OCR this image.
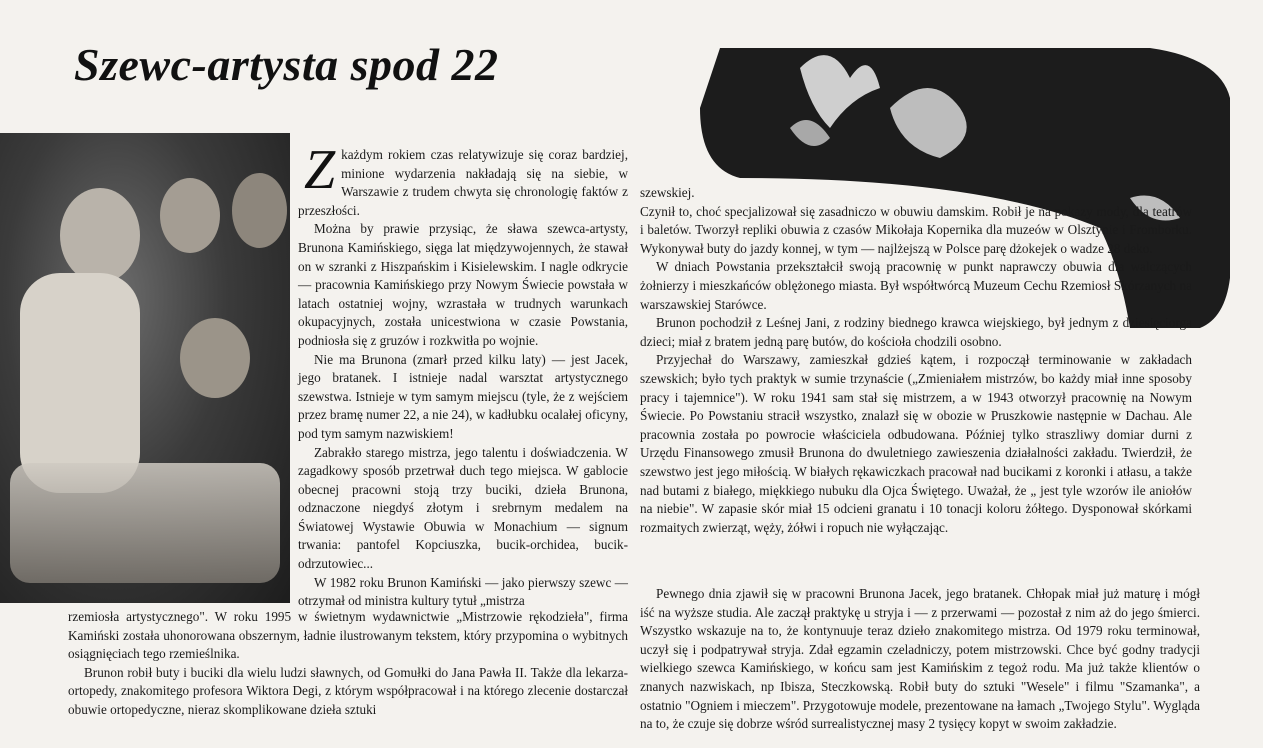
Szewc-artysta spod 22

Zkażdym rokiem czas relatywizuje się coraz bardziej, minione wydarzenia nakładają się na siebie, w Warszawie z trudem chwyta się chronologię faktów z przeszłości.

Można by prawie przysiąc, że sława szewca-artysty, Brunona Kamińskiego, sięga lat międzywojennych, że stawał on w szranki z Hiszpańskim i Kisielewskim. I nagle odkrycie — pracownia Kamińskiego przy Nowym Świecie powstała w latach ostatniej wojny, wzrastała w trudnych warunkach okupacyjnych, została unicestwiona w czasie Powstania, podniosła się z gruzów i rozkwitła po wojnie.

Nie ma Brunona (zmarł przed kilku laty) — jest Jacek, jego bratanek. I istnieje nadal warsztat artystycznego szewstwa. Istnieje w tym samym miejscu (tyle, że z wejściem przez bramę numer 22, a nie 24), w kadłubku ocalałej oficyny, pod tym samym nazwiskiem!

Zabrakło starego mistrza, jego talentu i doświadczenia. W zagadkowy sposób przetrwał duch tego miejsca. W gablocie obecnej pracowni stoją trzy buciki, dzieła Brunona, odznaczone niegdyś złotym i srebrnym medalem na Światowej Wystawie Obuwia w Monachium — signum trwania: pantofel Kopciuszka, bucik-orchidea, bucik-odrzutowiec...

W 1982 roku Brunon Kamiński — jako pierwszy szewc — otrzymał od ministra kultury tytuł „mistrza

rzemiosła artystycznego". W roku 1995 w świetnym wydawnictwie „Mistrzowie rękodzieła", firma Kamiński została uhonorowana obszernym, ładnie ilustrowanym tekstem, który przypomina o wybitnych osiągnięciach tego rzemieślnika.

Brunon robił buty i buciki dla wielu ludzi sławnych, od Gomułki do Jana Pawła II. Także dla lekarza-ortopedy, znakomitego profesora Wiktora Degi, z którym współpracował i na którego zlecenie dostarczał obuwie ortopedyczne, nieraz skomplikowane dzieła sztuki

szewskiej.

Czynił to, choć specjalizował się zasadniczo w obuwiu damskim. Robił je na pokazy mody, dla teatrów i baletów. Tworzył repliki obuwia z czasów Mikołaja Kopernika dla muzeów w Olsztynie i Fromborku. Wykonywał buty do jazdy konnej, w tym — najlżejszą w Polsce parę dżokejek o wadze 28 deko.

W dniach Powstania przekształcił swoją pracownię w punkt naprawczy obuwia dla walczących żołnierzy i mieszkańców oblężonego miasta. Był współtwórcą Muzeum Cechu Rzemiosł Skórzanych na warszawskiej Starówce.

Brunon pochodził z Leśnej Jani, z rodziny biednego krawca wiejskiego, był jednym z dziesięciorga dzieci; miał z bratem jedną parę butów, do kościoła chodzili osobno.

Przyjechał do Warszawy, zamieszkał gdzieś kątem, i rozpoczął terminowanie w zakładach szewskich; było tych praktyk w sumie trzynaście („Zmieniałem mistrzów, bo każdy miał inne sposoby pracy i tajemnice"). W roku 1941 sam stał się mistrzem, a w 1943 otworzył pracownię na Nowym Świecie. Po Powstaniu stracił wszystko, znalazł się w obozie w Pruszkowie następnie w Dachau. Ale pracownia została po powrocie właściciela odbudowana. Później tylko straszliwy domiar durni z Urzędu Finansowego zmusił Brunona do dwuletniego zawieszenia działalności zakładu. Twierdził, że szewstwo jest jego miłością. W białych rękawiczkach pracował nad bucikami z koronki i atłasu, a także nad butami z białego, miękkiego nubuku dla Ojca Świętego. Uważał, że „ jest tyle wzorów ile aniołów na niebie". W zapasie skór miał 15 odcieni granatu i 10 tonacji koloru żółtego. Dysponował skórkami rozmaitych zwierząt, węży, żółwi i ropuch nie wyłączając.

Pewnego dnia zjawił się w pracowni Brunona Jacek, jego bratanek. Chłopak miał już maturę i mógł iść na wyższe studia. Ale zaczął praktykę u stryja i — z przerwami — pozostał z nim aż do jego śmierci. Wszystko wskazuje na to, że kontynuuje teraz dzieło znakomitego mistrza. Od 1979 roku terminował, uczył się i podpatrywał stryja. Zdał egzamin czeladniczy, potem mistrzowski. Chce być godny tradycji wielkiego szewca Kamińskiego, w końcu sam jest Kamińskim z tegoż rodu. Ma już także klientów o znanych nazwiskach, np Ibisza, Steczkowską. Robił buty do sztuki "Wesele" i filmu "Szamanka", a ostatnio "Ogniem i mieczem". Przygotowuje modele, prezentowane na łamach „Twojego Stylu". Wygląda na to, że czuje się dobrze wśród surrealistycznej masy 2 tysięcy kopyt w swoim zakładzie.
